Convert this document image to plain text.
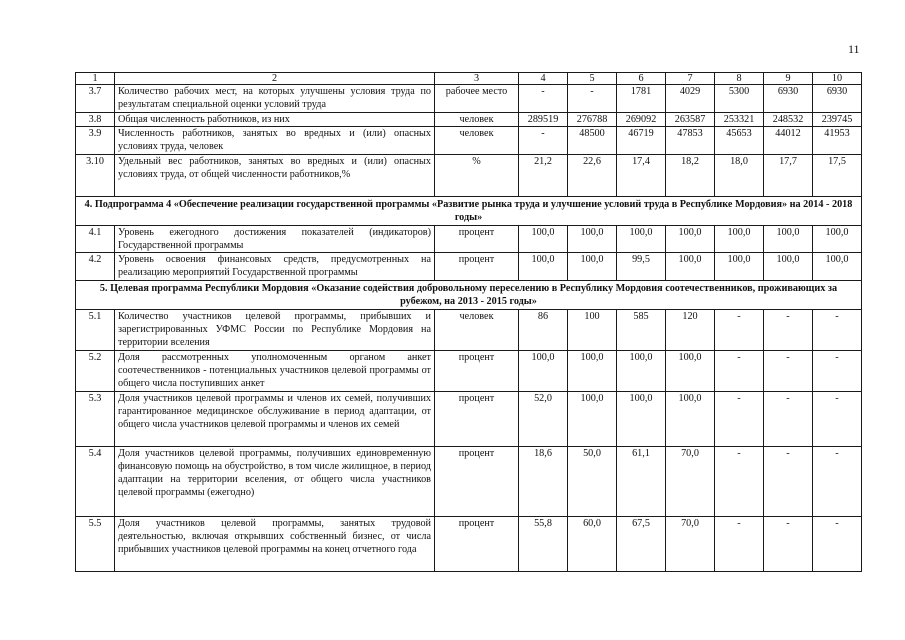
11
1	2	3	4	5	6	7	8	9	10
3.7	Количество рабочих мест, на которых улучшены условия труда по результатам специальной оценки условий труда	рабочее место	-	-	1781	4029	5300	6930	6930
3.8	Общая численность работников, из них	человек	289519	276788	269092	263587	253321	248532	239745
3.9	Численность работников, занятых во вредных и (или) опасных условиях труда, человек	человек	-	48500	46719	47853	45653	44012	41953
3.10	Удельный вес работников, занятых во вредных и (или) опасных условиях труда, от общей численности работников,%	%	21,2	22,6	17,4	18,2	18,0	17,7	17,5
4. Подпрограмма 4 «Обеспечение реализации государственной программы «Развитие рынка труда и улучшение условий труда в Республике Мордовия» на 2014 - 2018 годы»									
4.1	Уровень ежегодного достижения показателей (индикаторов) Государственной программы	процент	100,0	100,0	100,0	100,0	100,0	100,0	100,0
4.2	Уровень освоения финансовых средств, предусмотренных на реализацию мероприятий Государственной программы	процент	100,0	100,0	99,5	100,0	100,0	100,0	100,0
5. Целевая программа Республики Мордовия «Оказание содействия добровольному переселению в Республику Мордовия соотечественников, проживающих за рубежом, на 2013 - 2015 годы»									
5.1	Количество участников целевой программы, прибывших и зарегистрированных УФМС России по Республике Мордовия на территории вселения	человек	86	100	585	120	-	-	-
5.2	Доля рассмотренных уполномоченным органом анкет соотечественников - потенциальных участников целевой программы от общего числа поступивших анкет	процент	100,0	100,0	100,0	100,0	-	-	-
5.3	Доля участников целевой программы и членов их семей, получивших гарантированное медицинское обслуживание в период адаптации, от общего числа участников целевой программы и членов их семей	процент	52,0	100,0	100,0	100,0	-	-	-
5.4	Доля участников целевой программы, получивших единовременную финансовую помощь на обустройство, в том числе жилищное, в период адаптации на территории вселения, от общего числа участников целевой программы (ежегодно)	процент	18,6	50,0	61,1	70,0	-	-	-
5.5	Доля участников целевой программы, занятых трудовой деятельностью, включая открывших собственный бизнес, от числа прибывших участников целевой программы на конец отчетного года	процент	55,8	60,0	67,5	70,0	-	-	-
